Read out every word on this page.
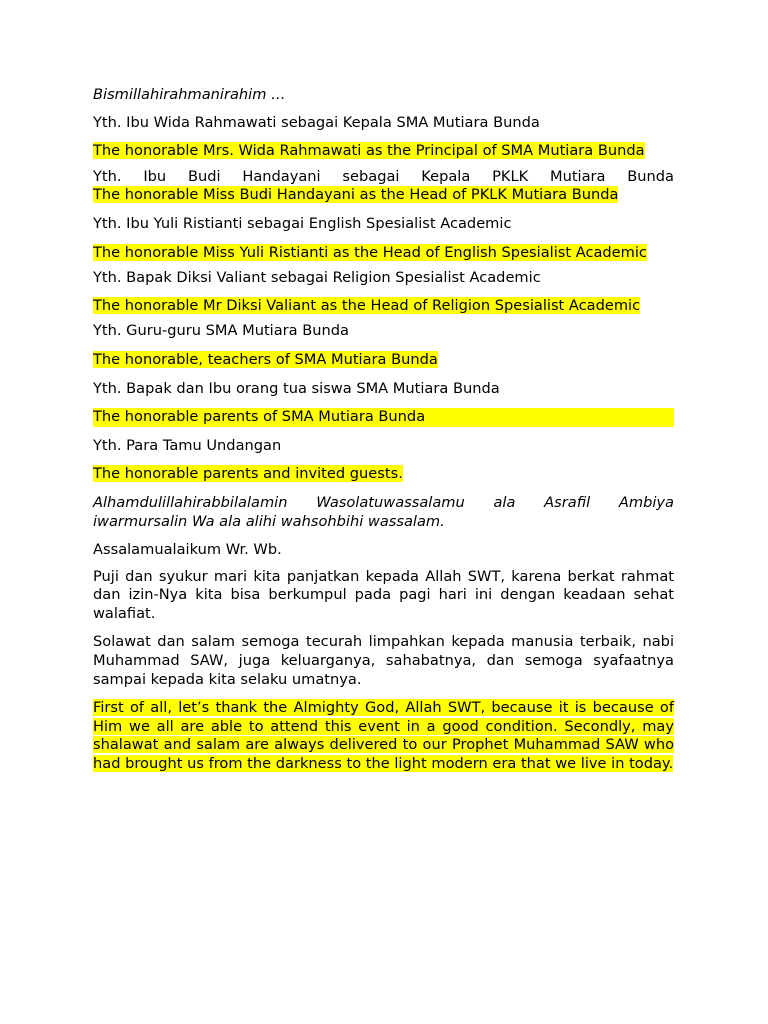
Bismillahirahmanirahim …

Yth. Ibu Wida Rahmawati sebagai Kepala SMA Mutiara Bunda

The honorable Mrs. Wida Rahmawati as the Principal of SMA Mutiara Bunda

Yth. Ibu Budi Handayani sebagai Kepala PKLK Mutiara Bunda
The honorable Miss Budi Handayani as the Head of PKLK Mutiara Bunda

Yth. Ibu Yuli Ristianti sebagai English Spesialist Academic

The honorable Miss Yuli Ristianti as the Head of English Spesialist Academic

Yth. Bapak Diksi Valiant sebagai Religion Spesialist Academic

The honorable Mr Diksi Valiant as the Head of Religion Spesialist Academic

Yth. Guru-guru SMA Mutiara Bunda

The honorable, teachers of SMA Mutiara Bunda

Yth. Bapak dan Ibu orang tua siswa SMA Mutiara Bunda

The honorable parents of SMA Mutiara Bunda

Yth. Para Tamu Undangan

The honorable parents and invited guests.

Alhamdulillahirabbilalamin Wasolatuwassalamu ala Asrafil Ambiya iwarmursalin Wa ala alihi wahsohbihi wassalam.

Assalamualaikum Wr. Wb.

Puji dan syukur mari kita panjatkan kepada Allah SWT, karena berkat rahmat dan izin-Nya kita bisa berkumpul pada pagi hari ini dengan keadaan sehat walafiat.

Solawat dan salam semoga tecurah limpahkan kepada manusia terbaik, nabi Muhammad SAW, juga keluarganya, sahabatnya, dan semoga syafaatnya sampai kepada kita selaku umatnya.

First of all, let’s thank the Almighty God, Allah SWT, because it is because of Him we all are able to attend this event in a good condition. Secondly, may shalawat and salam are always delivered to our Prophet Muhammad SAW who had brought us from the darkness to the light modern era that we live in today.
